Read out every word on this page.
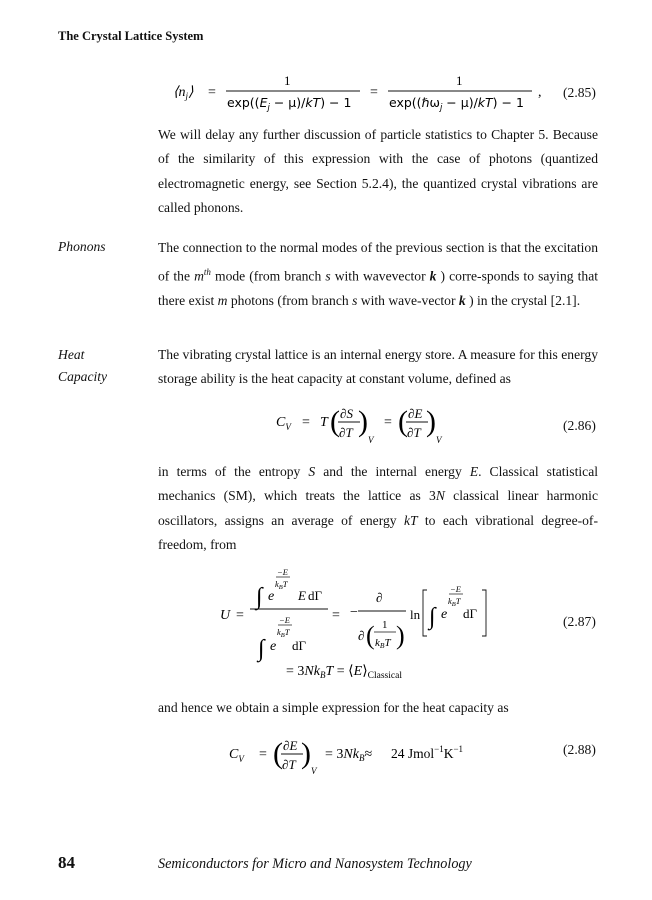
The Crystal Lattice System
$⟨n_j⟩$ =
1
$\exp((E_j - \mu)/kT) - 1$
=
1
exp((ℏω$_j$ − μ)/kT) − 1
, (2.85)
We will delay any further discussion of particle statistics to Chapter 5. Because of the similarity of this expression with the case of photons (quantized electromagnetic energy, see Section 5.2.4), the quantized crystal vibrations are called phonons.
Phonons	The connection to the normal modes of the previous section is that the excitation of the $m^{th}$ mode (from branch s with wavevector k ) corre-sponds to saying that there exist m photons (from branch s with wave-vector k ) in the crystal [2.1].
Heat
Capacity
The vibrating crystal lattice is an internal energy store. A measure for this energy storage ability is the heat capacity at constant volume, defined as
$C_V = T$ ( ∂S
∂T )
V
= ( ∂E
∂T )
V
(2.86)
in terms of the entropy S and the internal energy E. Classical statistical mechanics (SM), which treats the lattice as 3N classical linear harmonic oscillators, assigns an average of energy kT to each vibrational degree-of-freedom, from
U =
∫ e
−E
$k_BT$
E dΓ
∫ e
−E
$k_BT$
dΓ
= −
∂
∂ ( 1
kBT )
ln ∫ e
−E
$k_BT$
dΓ
= $3Nk_BT$ = $⟨E⟩_{Classical}$
(2.87)
and hence we obtain a simple expression for the heat capacity as
$C_V$ = ( ∂E
∂T )
V
= $3Nk_B\approx 24$ $Jmol^{-1}K^{-1}$	(2.88)
84	Semiconductors for Micro and Nanosystem Technology
